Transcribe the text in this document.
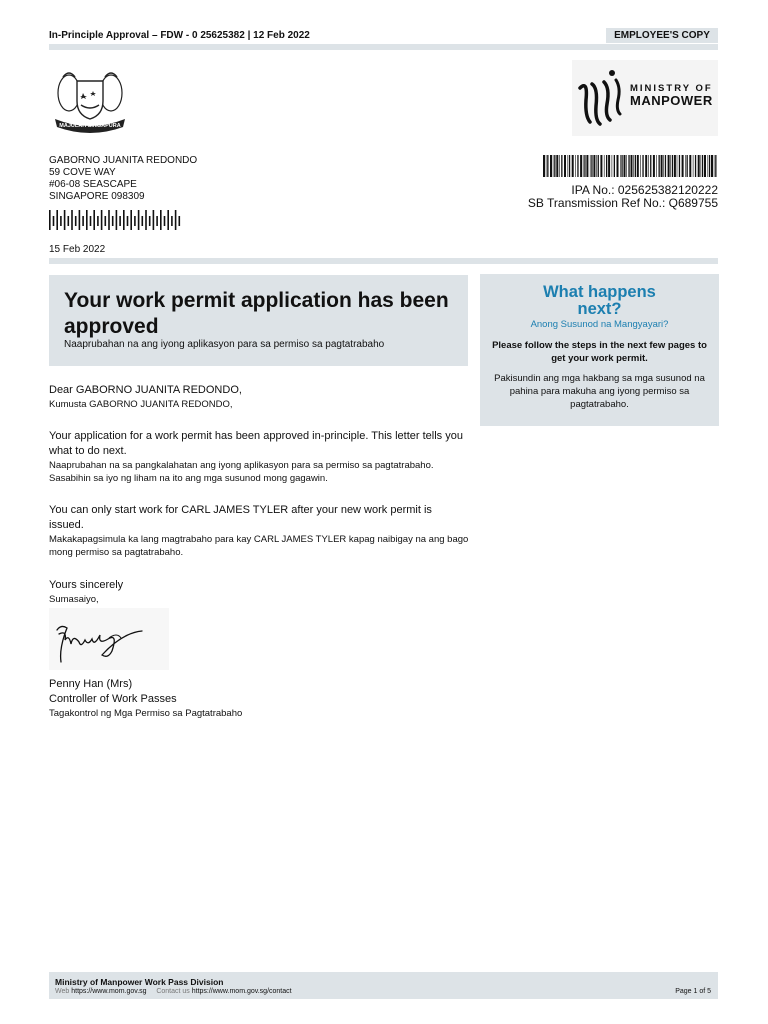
In-Principle Approval – FDW - 0 25625382 | 12 Feb 2022	EMPLOYEE'S COPY
MAJULAH SINGAPURA
MINISTRY OF
MANPOWER
GABORNO JUANITA REDONDO
59 COVE WAY
#06-08 SEASCAPE
SINGAPORE 098309	IPA No.: 025625382120222
SB Transmission Ref No.: Q689755
15 Feb 2022
Your work permit application has been approved
Naaprubahan na ang iyong aplikasyon para sa permiso sa pagtatrabaho
What happens next?
Anong Susunod na Mangyayari?
Please follow the steps in the next few pages to get your work permit.
Pakisundin ang mga hakbang sa mga susunod na pahina para makuha ang iyong permiso sa pagtatrabaho.
Dear GABORNO JUANITA REDONDO,
Kumusta GABORNO JUANITA REDONDO,
Your application for a work permit has been approved in-principle. This letter tells you what to do next.
Naaprubahan na sa pangkalahatan ang iyong aplikasyon para sa permiso sa pagtatrabaho. Sasabihin sa iyo ng liham na ito ang mga susunod mong gagawin.
You can only start work for CARL JAMES TYLER after your new work permit is issued.
Makakapagsimula ka lang magtrabaho para kay CARL JAMES TYLER kapag naibigay na ang bago mong permiso sa pagtatrabaho.
Yours sincerely
Sumasaiyo,
Penny Han (Mrs)
Controller of Work Passes
Tagakontrol ng Mga Permiso sa Pagtatrabaho
Ministry of Manpower Work Pass Division
Web https://www.mom.gov.sg Contact us https://www.mom.gov.sg/contact	Page 1 of 5
